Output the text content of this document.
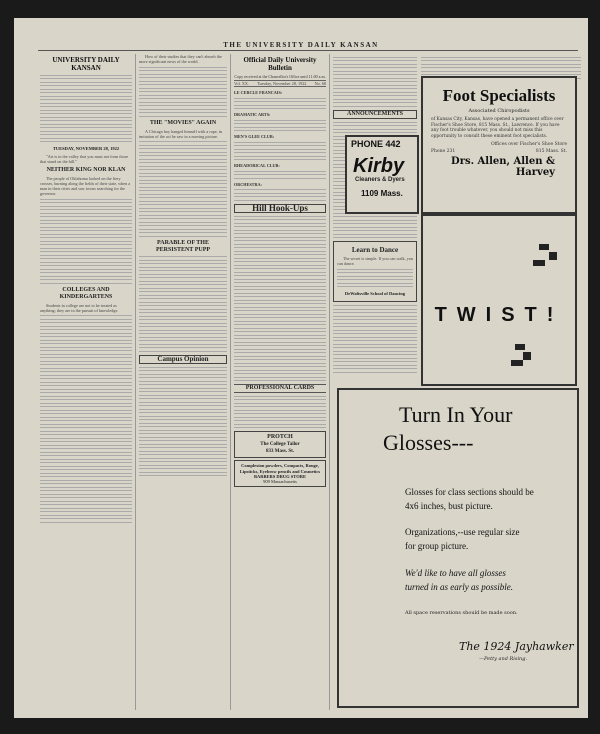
THE UNIVERSITY DAILY KANSAN
UNIVERSITY DAILY KANSAN
TUESDAY, NOVEMBER 28, 1922

"Art is in the valley that you must not from those that stand on the hill."

NEITHER KING NOR KLAN

The people of Oklahoma looked on the fiery crosses, burning along the fields of their state, when a man in their cities and saw towns searching for the governor.

COLLEGES AND KINDERGARTENS

Students in college are not to be treated as anything; they are in the pursuit of knowledge.

How of their studies that they can't absorb the more significant news of the world.

THE "MOVIES" AGAIN

A Chicago boy hanged himself with a rope, in imitation of the act he saw in a moving picture.

PARABLE OF THE PERSISTENT PUPP
Campus Opinion
Official Daily University Bulletin
Copy received at the Chancellor's Office until 11:00 a.m.
Vol. XX. Tuesday, November 28, 1922 No. 68
LE CERCLE FRANCAIS:
DRAMATIC ARTS:
MEN'S GLEE CLUB:
RHEADORICAL CLUB:
ORCHESTRA:
Hill Hook-Ups
PROFESSIONAL CARDS
PROTCH
The College Tailor
833 Mass. St.
Complexion powders, Compacts, Rouge, Lipsticks, Eyebrow pencils and Cosmetics
BARBERS DRUG STORE
909 Massachusetts
ANNOUNCEMENTS
Learn to Dance

The secret is simple. If you can walk, you can dance.

DeWaltsville School of Dancing
Foot Specialists
Associated Chiropodists
of Kansas City, Kansas, have opened a permanent office over Fischer's Shoe Store, 815 Mass. St., Lawrence. If you have any foot trouble whatever, you should not miss this opportunity to consult these eminent foot specialists.
Offices over Fischer's Shoe Store
Phone 231	815 Mass. St.
Drs. Allen, Allen & Harvey
PHONE 442
Kirby
Cleaners & Dyers
1109 Mass.
TWIST!
Turn In Your
Glosses---
Glosses for class sections should be
4x6 inches, bust picture.
Organizations,--use regular size
for group picture.
We'd like to have all glosses
turned in as early as possible.
All space reservations should be made soon.
The 1924 Jayhawker
—Petty and Rising.
